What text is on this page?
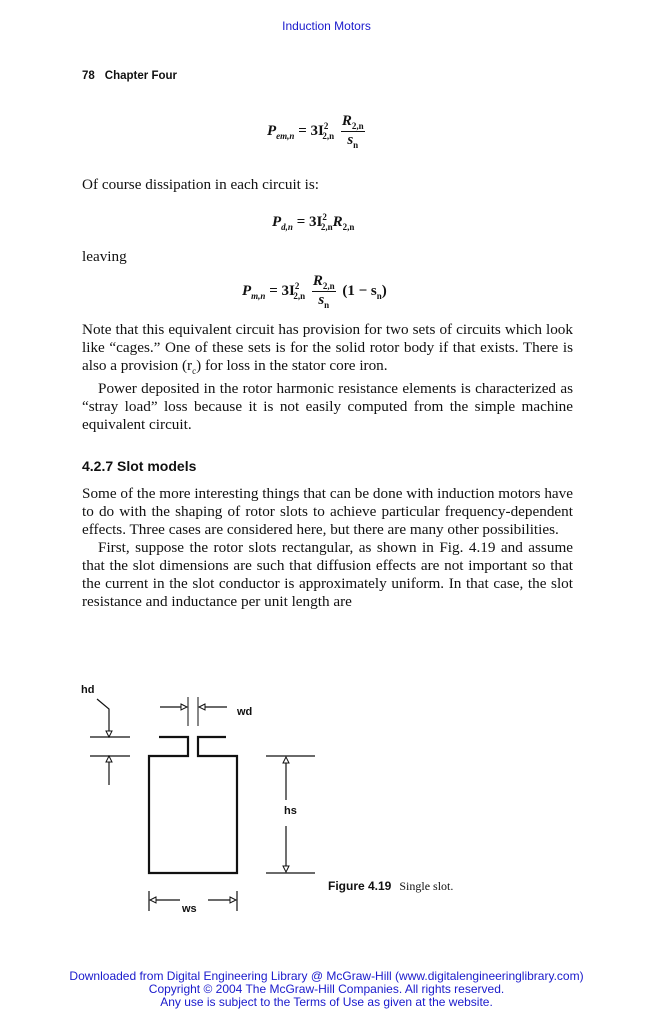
Induction Motors
78 Chapter Four
$P_{em,n} = 3I^2_{2,n} \frac{R_{2,n}}{s_n}$
Of course dissipation in each circuit is:
$P_{d,n} = 3I^2_{2,n}R_{2,n}$
leaving
$P_{m,n} = 3I^2_{2,n} \frac{R_{2,n}}{s_n} (1 - s_n)$
Note that this equivalent circuit has provision for two sets of circuits which look like “cages.” One of these sets is for the solid rotor body if that exists. There is also a provision $(r_c)$ for loss in the stator core iron.
Power deposited in the rotor harmonic resistance elements is characterized as “stray load” loss because it is not easily computed from the simple machine equivalent circuit.
4.2.7 Slot models
Some of the more interesting things that can be done with induction motors have to do with the shaping of rotor slots to achieve particular frequency-dependent effects. Three cases are considered here, but there are many other possibilities.
First, suppose the rotor slots rectangular, as shown in Fig. 4.19 and assume that the slot dimensions are such that diffusion effects are not important so that the current in the slot conductor is approximately uniform. In that case, the slot resistance and inductance per unit length are
hd
wd
hs
ws
Figure 4.19 Single slot.
Downloaded from Digital Engineering Library @ McGraw-Hill (www.digitalengineeringlibrary.com)
Copyright © 2004 The McGraw-Hill Companies. All rights reserved.
Any use is subject to the Terms of Use as given at the website.
